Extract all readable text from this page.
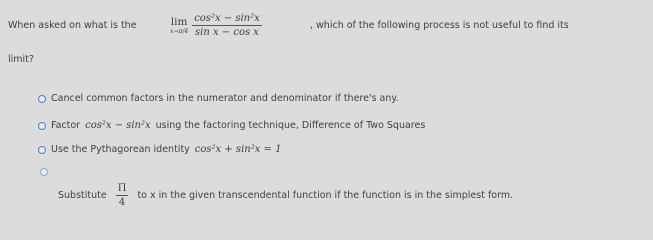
When asked on what is the	lim
$x\to\pi/4 \frac{\text{cos²x − sin²x}}{\text{sin x − cos x}}$	, which of the following process is not useful to find its
limit?
Cancel common factors in the numerator and denominator if there's any.
Factor cos²x − sin²x using the factoring technique, Difference of Two Squares
Use the Pythagorean identity cos²x + sin²x = 1
Substitute $\frac{\Pi}{4}$ to x in the given transcendental function if the function is in the simplest form.
